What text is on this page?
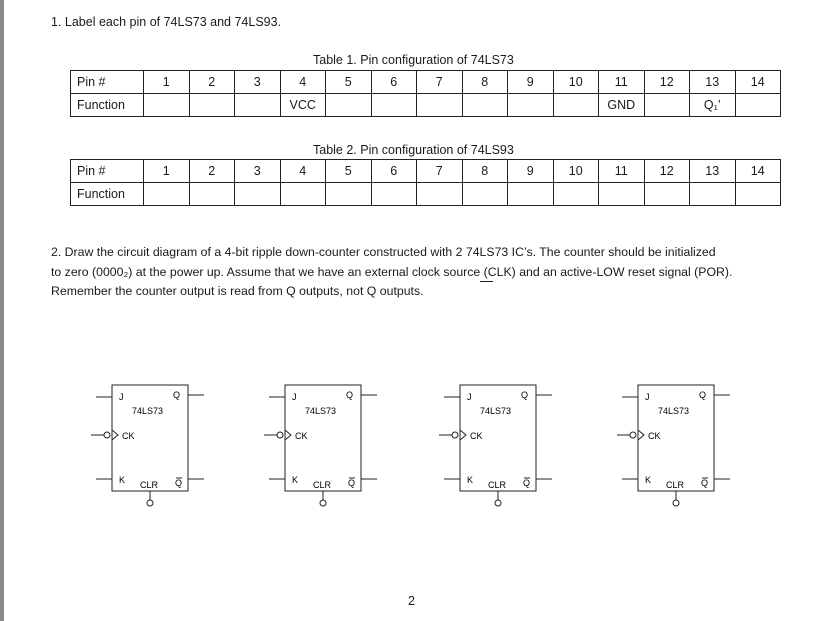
1. Label each pin of 74LS73 and 74LS93.
Table 1. Pin configuration of 74LS73
Pin #	1	2	3	4	5	6	7	8	9	10	11	12	13	14
Function				VCC							GND		Q₁’	
Table 2. Pin configuration of 74LS93
Pin #	1	2	3	4	5	6	7	8	9	10	11	12	13	14
Function														
2. Draw the circuit diagram of a 4-bit ripple down-counter constructed with 2 74LS73 IC’s. The counter should be initialized
to zero (0000₂) at the power up. Assume that we have an external clock source (CLK) and an active-LOW reset signal (POR).
Remember the counter output is read from Q outputs, not Q outputs.
J
74LS73
Q
CK
K CLR Q
J
74LS73
Q
CK
K CLR Q
J
74LS73
Q
CK
K CLR Q
J
74LS73
Q
CK
K CLR Q
2
